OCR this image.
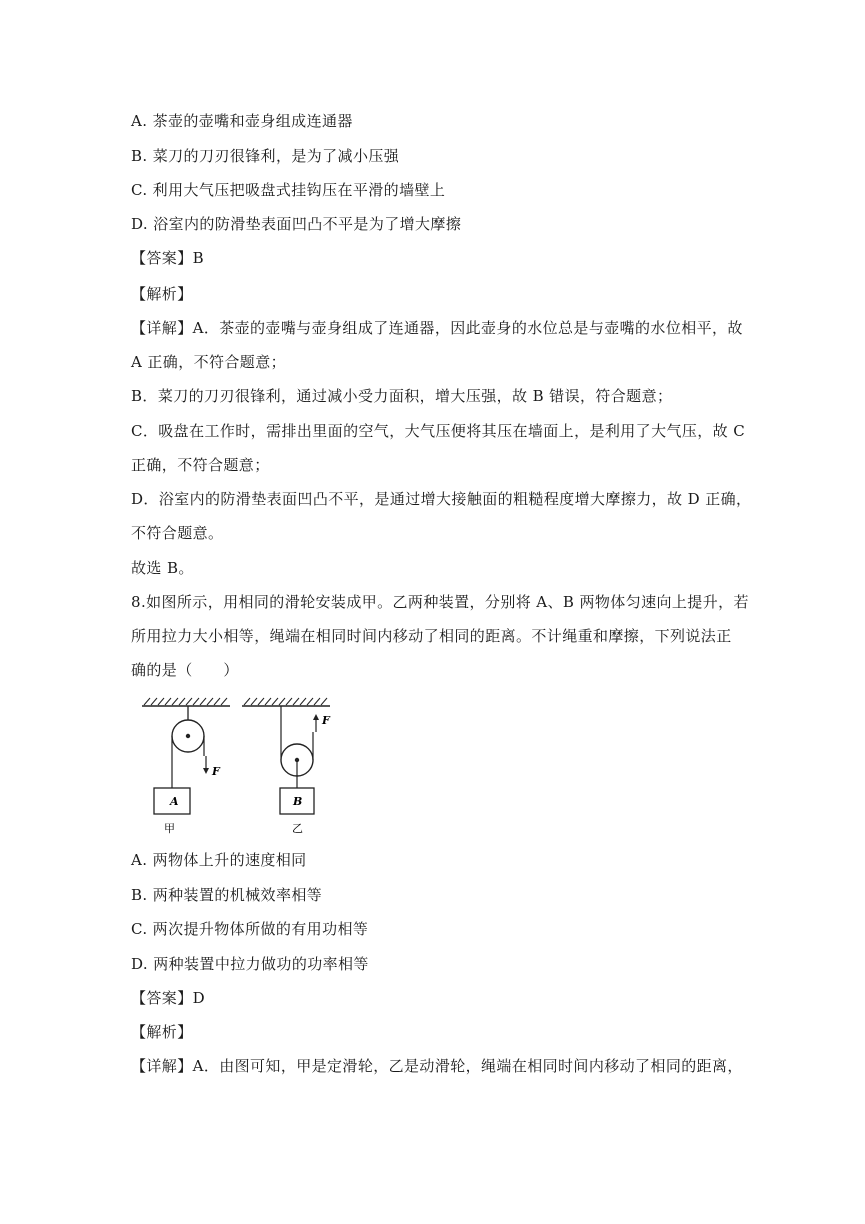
A. 茶壶的壶嘴和壶身组成连通器
B. 菜刀的刀刃很锋利，是为了减小压强
C. 利用大气压把吸盘式挂钩压在平滑的墙壁上
D. 浴室内的防滑垫表面凹凸不平是为了增大摩擦
【答案】B
【解析】
【详解】A．茶壶的壶嘴与壶身组成了连通器，因此壶身的水位总是与壶嘴的水位相平，故
A 正确，不符合题意；
B．菜刀的刀刃很锋利，通过减小受力面积，增大压强，故 B 错误，符合题意；
C．吸盘在工作时，需排出里面的空气，大气压便将其压在墙面上，是利用了大气压，故 C
正确，不符合题意；
D．浴室内的防滑垫表面凹凸不平，是通过增大接触面的粗糙程度增大摩擦力，故 D 正确，
不符合题意。
故选 B。
8.如图所示，用相同的滑轮安装成甲。乙两种装置，分别将 A、B 两物体匀速向上提升，若
所用拉力大小相等，绳端在相同时间内移动了相同的距离。不计绳重和摩擦，下列说法正
确的是（　　）
F
A
甲
F
B
乙
A. 两物体上升的速度相同
B. 两种装置的机械效率相等
C. 两次提升物体所做的有用功相等
D. 两种装置中拉力做功的功率相等
【答案】D
【解析】
【详解】A．由图可知，甲是定滑轮，乙是动滑轮，绳端在相同时间内移动了相同的距离，
